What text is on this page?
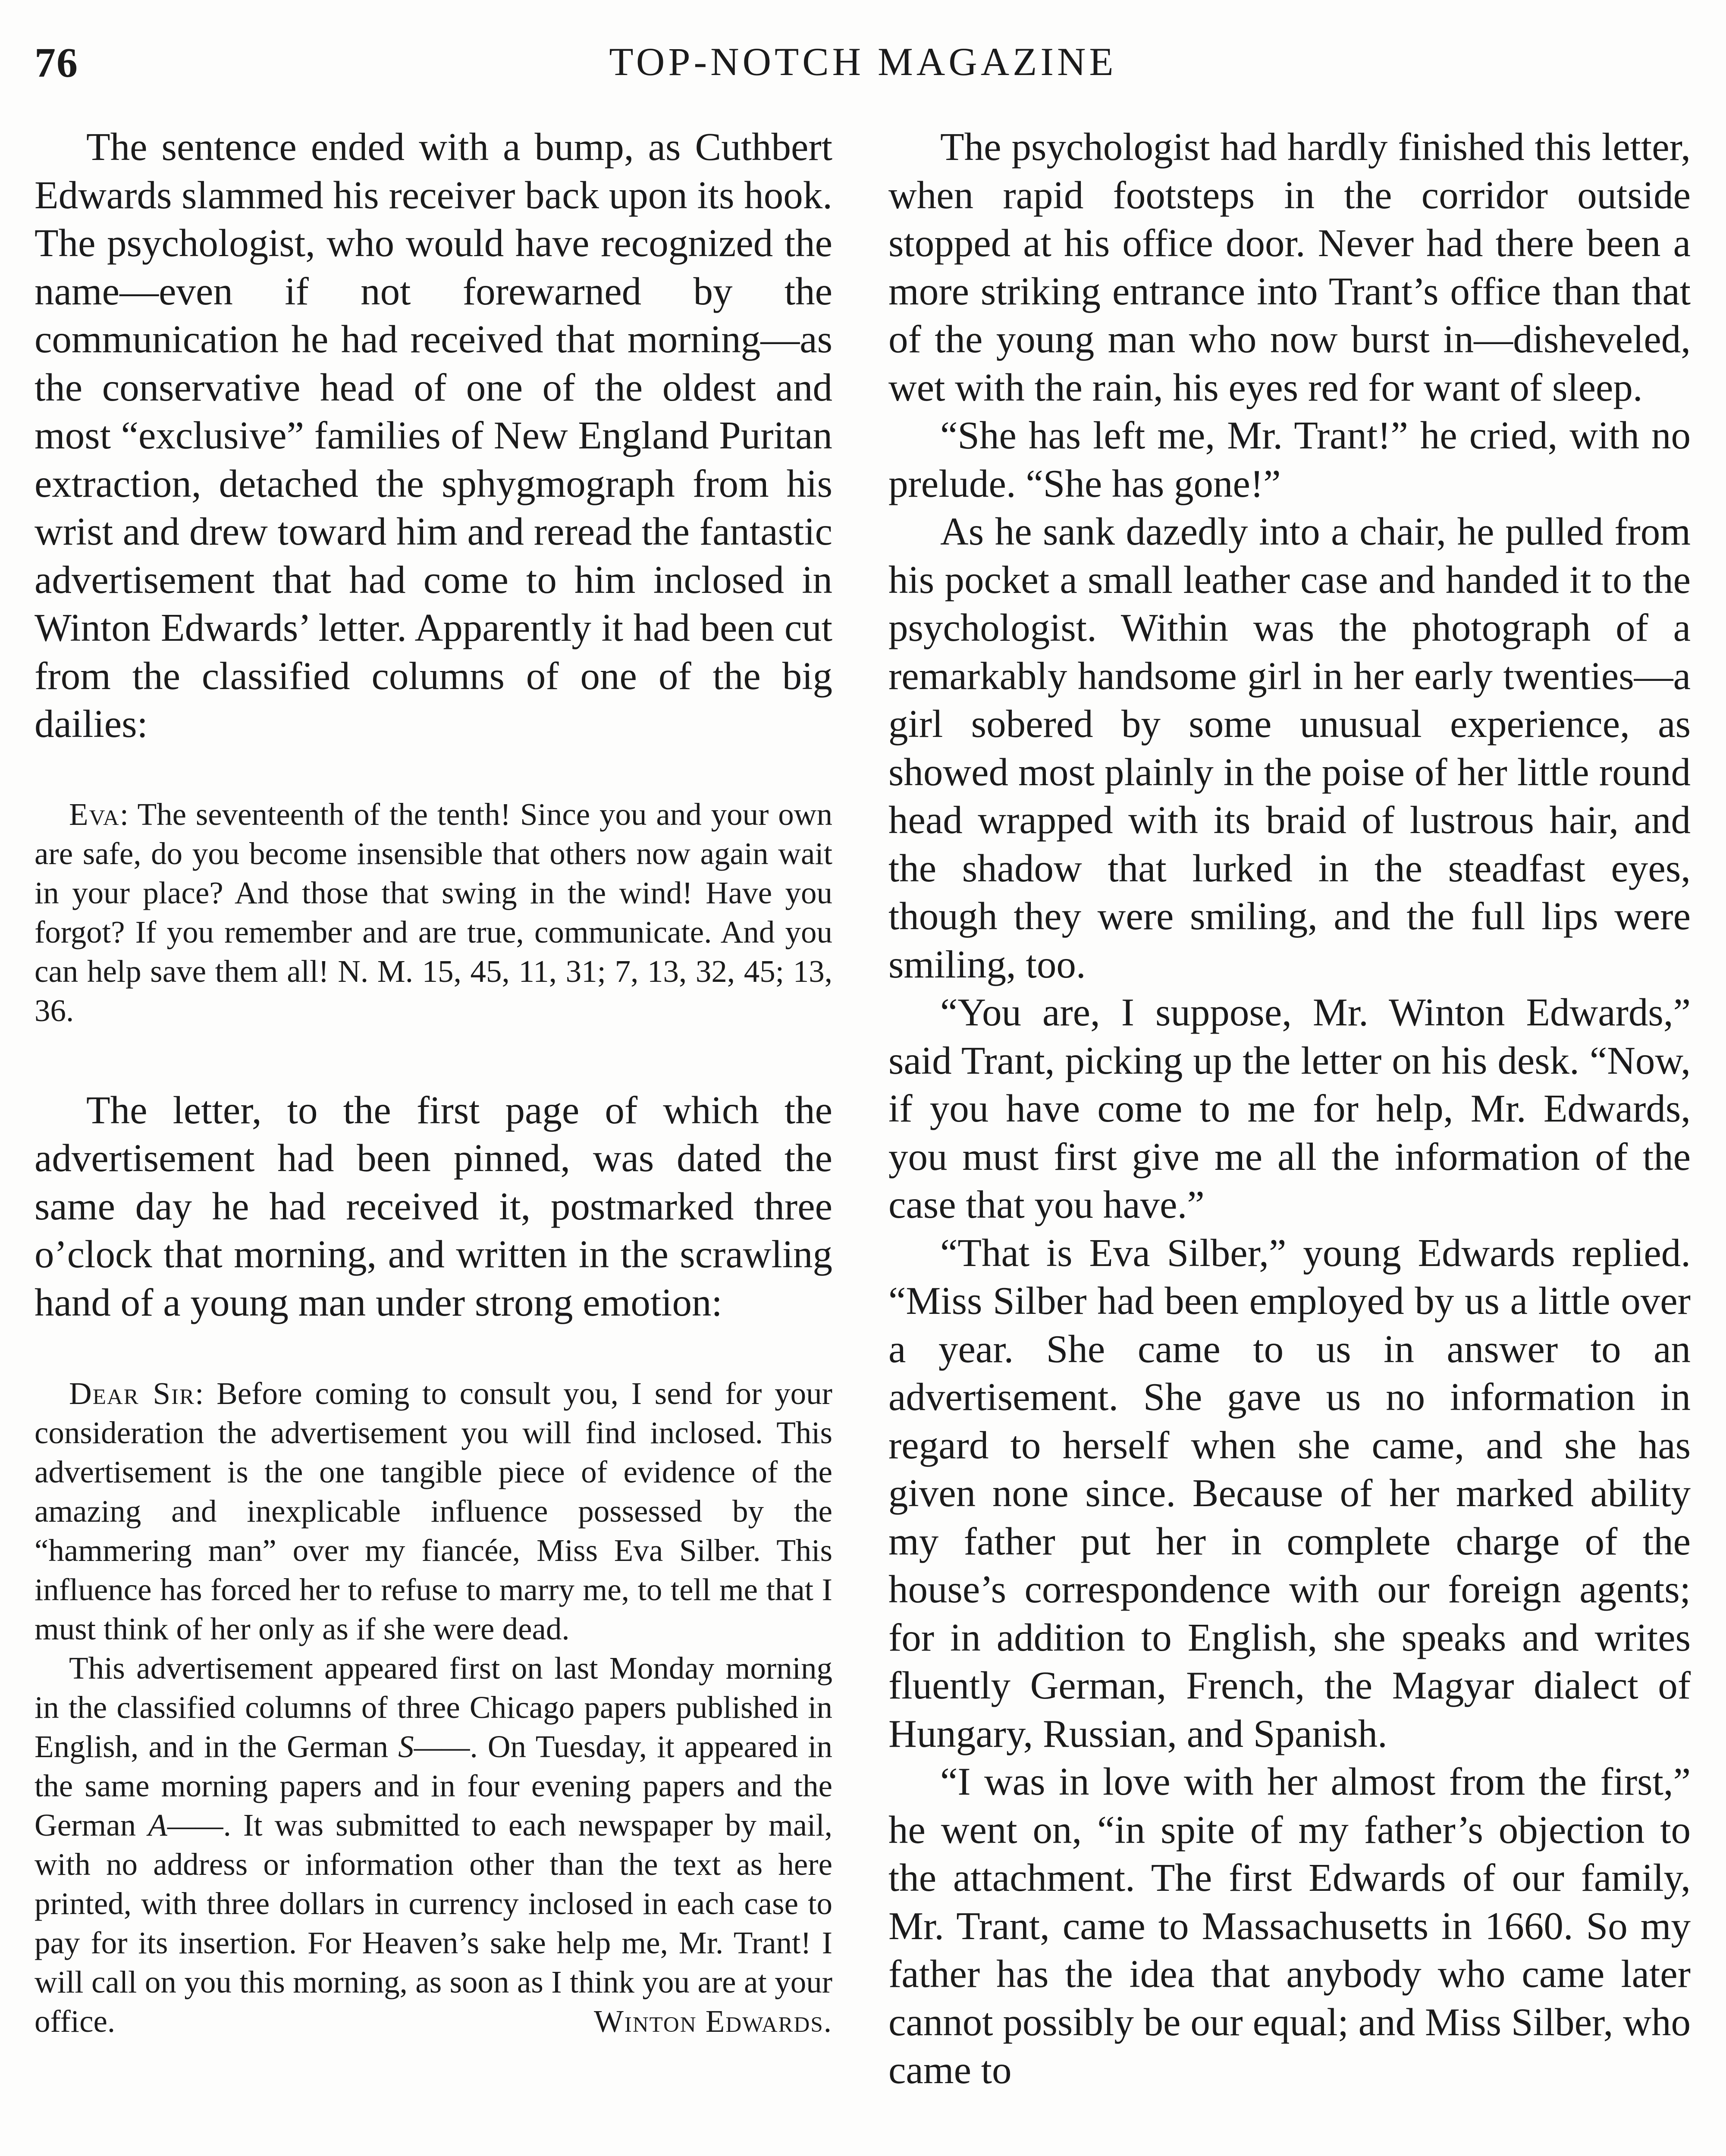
76	TOP-NOTCH MAGAZINE

The sentence ended with a bump, as Cuthbert Edwards slammed his receiver back upon its hook. The psychologist, who would have recognized the name—even if not forewarned by the communication he had received that morning—as the conservative head of one of the oldest and most “exclusive” families of New England Puritan extraction, detached the sphygmograph from his wrist and drew toward him and reread the fantastic advertisement that had come to him inclosed in Winton Edwards’ letter. Apparently it had been cut from the classified columns of one of the big dailies:

Eva: The seventeenth of the tenth! Since you and your own are safe, do you become insensible that others now again wait in your place? And those that swing in the wind! Have you forgot? If you remember and are true, communicate. And you can help save them all! N. M. 15, 45, 11, 31; 7, 13, 32, 45; 13, 36.

The letter, to the first page of which the advertisement had been pinned, was dated the same day he had received it, postmarked three o’clock that morning, and written in the scrawling hand of a young man under strong emotion:

Dear Sir: Before coming to consult you, I send for your consideration the advertisement you will find inclosed. This advertisement is the one tangible piece of evidence of the amazing and inexplicable influence possessed by the “hammering man” over my fiancée, Miss Eva Silber. This influence has forced her to refuse to marry me, to tell me that I must think of her only as if she were dead.

This advertisement appeared first on last Monday morning in the classified columns of three Chicago papers published in English, and in the German S——. On Tuesday, it appeared in the same morning papers and in four evening papers and the German A——. It was submitted to each newspaper by mail, with no address or information other than the text as here printed, with three dollars in currency inclosed in each case to pay for its insertion. For Heaven’s sake help me, Mr. Trant! I will call on you this morning, as soon as I think you are at your office.	Winton Edwards.

The psychologist had hardly finished this letter, when rapid footsteps in the corridor outside stopped at his office door. Never had there been a more striking entrance into Trant’s office than that of the young man who now burst in—disheveled, wet with the rain, his eyes red for want of sleep.

“She has left me, Mr. Trant!” he cried, with no prelude. “She has gone!”

As he sank dazedly into a chair, he pulled from his pocket a small leather case and handed it to the psychologist. Within was the photograph of a remarkably handsome girl in her early twenties—a girl sobered by some unusual experience, as showed most plainly in the poise of her little round head wrapped with its braid of lustrous hair, and the shadow that lurked in the steadfast eyes, though they were smiling, and the full lips were smiling, too.

“You are, I suppose, Mr. Winton Edwards,” said Trant, picking up the letter on his desk. “Now, if you have come to me for help, Mr. Edwards, you must first give me all the information of the case that you have.”

“That is Eva Silber,” young Edwards replied. “Miss Silber had been employed by us a little over a year. She came to us in answer to an advertisement. She gave us no information in regard to herself when she came, and she has given none since. Because of her marked ability my father put her in complete charge of the house’s correspondence with our foreign agents; for in addition to English, she speaks and writes fluently German, French, the Magyar dialect of Hungary, Russian, and Spanish.

“I was in love with her almost from the first,” he went on, “in spite of my father’s objection to the attachment. The first Edwards of our family, Mr. Trant, came to Massachusetts in 1660. So my father has the idea that anybody who came later cannot possibly be our equal; and Miss Silber, who came to
